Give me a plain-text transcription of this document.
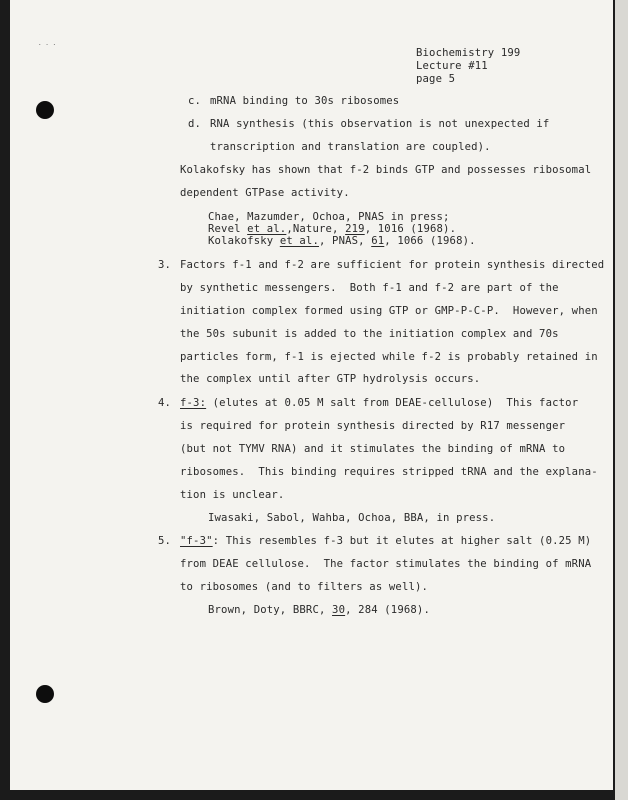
. . .
Biochemistry 199
Lecture #11
page 5
c. mRNA binding to 30s ribosomes
d. RNA synthesis (this observation is not unexpected if
transcription and translation are coupled).
Kolakofsky has shown that f-2 binds GTP and possesses ribosomal
dependent GTPase activity.
Chae, Mazumder, Ochoa, PNAS in press;
Revel et al.,Nature, 219, 1016 (1968).
Kolakofsky et al., PNAS, 61, 1066 (1968).
3. Factors f-1 and f-2 are sufficient for protein synthesis directed
by synthetic messengers.  Both f-1 and f-2 are part of the
initiation complex formed using GTP or GMP-P-C-P.  However, when
the 50s subunit is added to the initiation complex and 70s
particles form, f-1 is ejected while f-2 is probably retained in
the complex until after GTP hydrolysis occurs.
4. f-3: (elutes at 0.05 M salt from DEAE-cellulose)  This factor
is required for protein synthesis directed by R17 messenger
(but not TYMV RNA) and it stimulates the binding of mRNA to
ribosomes.  This binding requires stripped tRNA and the explana-
tion is unclear.
Iwasaki, Sabol, Wahba, Ochoa, BBA, in press.
5. "f-3": This resembles f-3 but it elutes at higher salt (0.25 M)
from DEAE cellulose.  The factor stimulates the binding of mRNA
to ribosomes (and to filters as well).
Brown, Doty, BBRC, 30, 284 (1968).
